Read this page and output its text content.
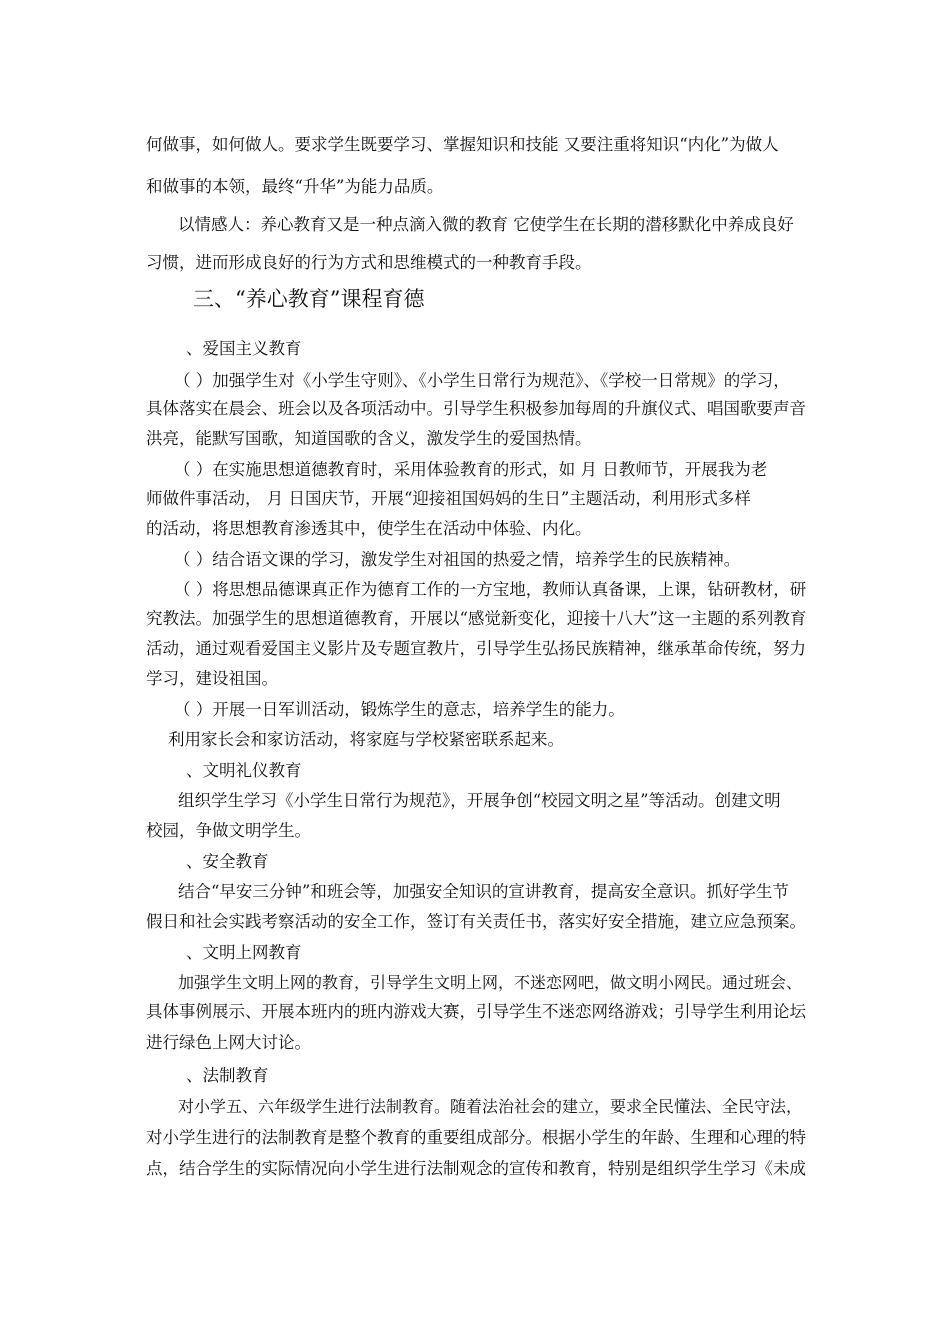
何做事，如何做人。要求学生既要学习、掌握知识和技能 又要注重将知识“内化”为做人
和做事的本领，最终“升华”为能力品质。
以情感人：养心教育又是一种点滴入微的教育 它使学生在长期的潜移默化中养成良好
习惯，进而形成良好的行为方式和思维模式的一种教育手段。
三、“养心教育”课程育德
、爱国主义教育
（ ）加强学生对《小学生守则》、《小学生日常行为规范》、《学校一日常规》的学习，
具体落实在晨会、班会以及各项活动中。引导学生积极参加每周的升旗仪式、唱国歌要声音
洪亮，能默写国歌，知道国歌的含义，激发学生的爱国热情。
（ ）在实施思想道德教育时，采用体验教育的形式，如 月 日教师节，开展我为老
师做件事活动， 月 日国庆节，开展“迎接祖国妈妈的生日”主题活动，利用形式多样
的活动，将思想教育渗透其中，使学生在活动中体验、内化。
（ ）结合语文课的学习，激发学生对祖国的热爱之情，培养学生的民族精神。
（ ）将思想品德课真正作为德育工作的一方宝地，教师认真备课，上课，钻研教材，研
究教法。加强学生的思想道德教育，开展以“感觉新变化，迎接十八大”这一主题的系列教育
活动，通过观看爱国主义影片及专题宣教片，引导学生弘扬民族精神，继承革命传统，努力
学习，建设祖国。
（ ）开展一日军训活动，锻炼学生的意志，培养学生的能力。
利用家长会和家访活动，将家庭与学校紧密联系起来。
、文明礼仪教育
组织学生学习《小学生日常行为规范》，开展争创“校园文明之星”等活动。创建文明
校园，争做文明学生。
、安全教育
结合“早安三分钟”和班会等，加强安全知识的宣讲教育，提高安全意识。抓好学生节
假日和社会实践考察活动的安全工作，签订有关责任书，落实好安全措施，建立应急预案。
、文明上网教育
加强学生文明上网的教育，引导学生文明上网，不迷恋网吧，做文明小网民。通过班会、
具体事例展示、开展本班内的班内游戏大赛，引导学生不迷恋网络游戏；引导学生利用论坛
进行绿色上网大讨论。
、法制教育
对小学五、六年级学生进行法制教育。随着法治社会的建立，要求全民懂法、全民守法，
对小学生进行的法制教育是整个教育的重要组成部分。根据小学生的年龄、生理和心理的特
点，结合学生的实际情况向小学生进行法制观念的宣传和教育，特别是组织学生学习《未成
